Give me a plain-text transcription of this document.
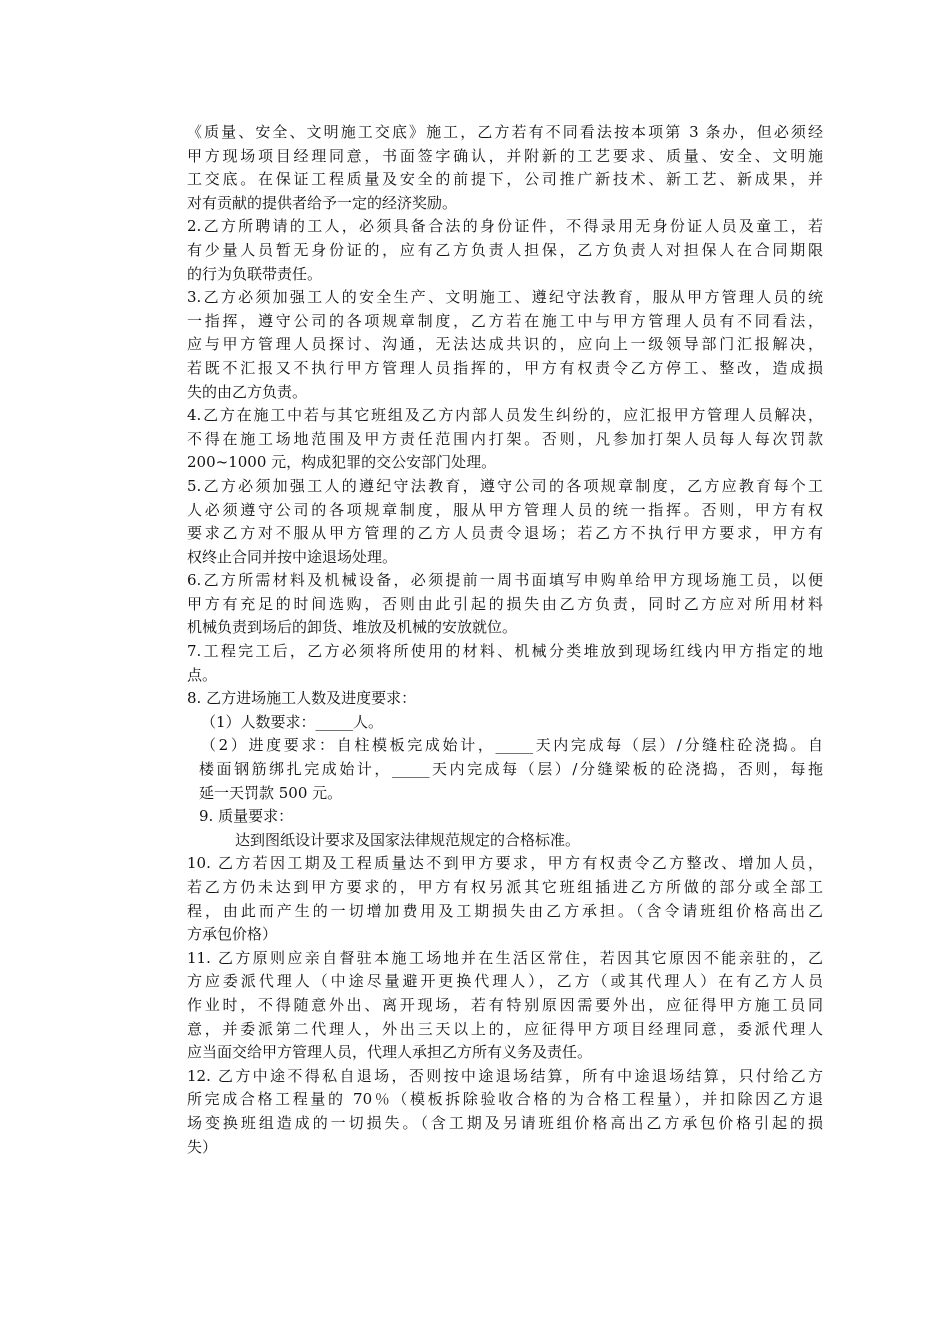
《质量、安全、文明施工交底》施工，乙方若有不同看法按本项第 3 条办，但必须经
甲方现场项目经理同意，书面签字确认，并附新的工艺要求、质量、安全、文明施
工交底。在保证工程质量及安全的前提下，公司推广新技术、新工艺、新成果，并
对有贡献的提供者给予一定的经济奖励。
2.乙方所聘请的工人，必须具备合法的身份证件，不得录用无身份证人员及童工，若
有少量人员暂无身份证的，应有乙方负责人担保，乙方负责人对担保人在合同期限
的行为负联带责任。
3.乙方必须加强工人的安全生产、文明施工、遵纪守法教育，服从甲方管理人员的统
一指挥，遵守公司的各项规章制度，乙方若在施工中与甲方管理人员有不同看法，
应与甲方管理人员探讨、沟通，无法达成共识的，应向上一级领导部门汇报解决，
若既不汇报又不执行甲方管理人员指挥的，甲方有权责令乙方停工、整改，造成损
失的由乙方负责。
4.乙方在施工中若与其它班组及乙方内部人员发生纠纷的，应汇报甲方管理人员解决，
不得在施工场地范围及甲方责任范围内打架。否则，凡参加打架人员每人每次罚款
200~1000 元，构成犯罪的交公安部门处理。
5.乙方必须加强工人的遵纪守法教育，遵守公司的各项规章制度，乙方应教育每个工
人必须遵守公司的各项规章制度，服从甲方管理人员的统一指挥。否则，甲方有权
要求乙方对不服从甲方管理的乙方人员责令退场；若乙方不执行甲方要求，甲方有
权终止合同并按中途退场处理。
6.乙方所需材料及机械设备，必须提前一周书面填写申购单给甲方现场施工员，以便
甲方有充足的时间选购，否则由此引起的损失由乙方负责，同时乙方应对所用材料
机械负责到场后的卸货、堆放及机械的安放就位。
7.工程完工后，乙方必须将所使用的材料、机械分类堆放到现场红线内甲方指定的地
点。
8. 乙方进场施工人数及进度要求：
（1）人数要求：_____人。
（2）进度要求：自柱模板完成始计，_____天内完成每（层）/分缝柱砼浇捣。自
楼面钢筋绑扎完成始计，_____天内完成每（层）/分缝梁板的砼浇捣，否则，每拖
延一天罚款 500 元。
9. 质量要求：
达到图纸设计要求及国家法律规范规定的合格标准。
10. 乙方若因工期及工程质量达不到甲方要求，甲方有权责令乙方整改、增加人员，
若乙方仍未达到甲方要求的，甲方有权另派其它班组插进乙方所做的部分或全部工
程，由此而产生的一切增加费用及工期损失由乙方承担。（含令请班组价格高出乙
方承包价格）
11. 乙方原则应亲自督驻本施工场地并在生活区常住，若因其它原因不能亲驻的，乙
方应委派代理人（中途尽量避开更换代理人），乙方（或其代理人）在有乙方人员
作业时，不得随意外出、离开现场，若有特别原因需要外出，应征得甲方施工员同
意，并委派第二代理人，外出三天以上的，应征得甲方项目经理同意，委派代理人
应当面交给甲方管理人员，代理人承担乙方所有义务及责任。
12. 乙方中途不得私自退场，否则按中途退场结算，所有中途退场结算，只付给乙方
所完成合格工程量的 70％（模板拆除验收合格的为合格工程量），并扣除因乙方退
场变换班组造成的一切损失。（含工期及另请班组价格高出乙方承包价格引起的损
失）
